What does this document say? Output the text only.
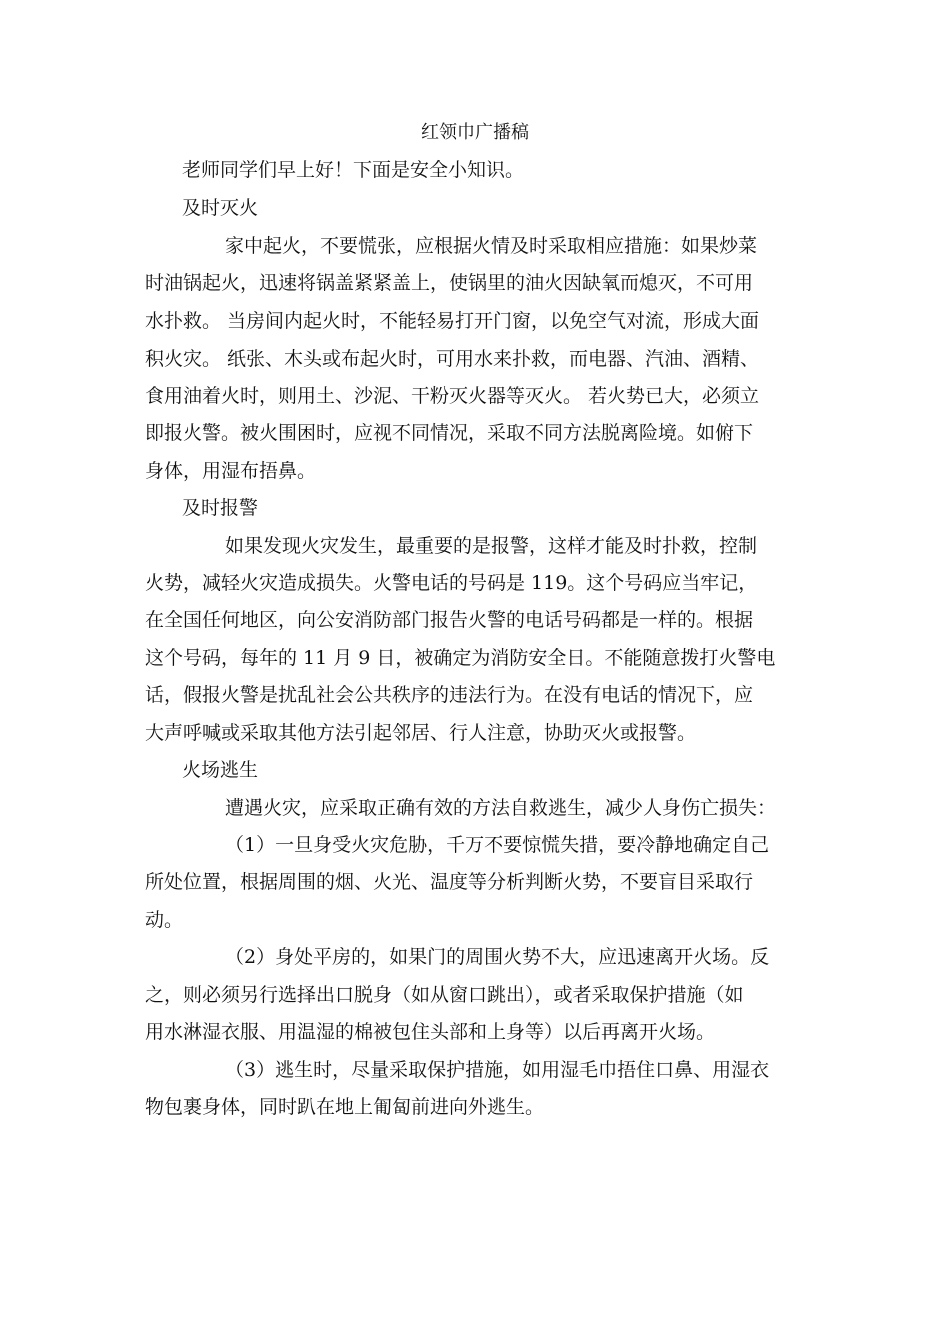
红领巾广播稿
老师同学们早上好！下面是安全小知识。
及时灭火
家中起火，不要慌张，应根据火情及时采取相应措施：如果炒菜
时油锅起火，迅速将锅盖紧紧盖上，使锅里的油火因缺氧而熄灭，不可用
水扑救。 当房间内起火时，不能轻易打开门窗，以免空气对流，形成大面
积火灾。 纸张、木头或布起火时，可用水来扑救，而电器、汽油、酒精、
食用油着火时，则用土、沙泥、干粉灭火器等灭火。 若火势已大，必须立
即报火警。被火围困时，应视不同情况，采取不同方法脱离险境。如俯下
身体，用湿布捂鼻。
及时报警
如果发现火灾发生，最重要的是报警，这样才能及时扑救，控制
火势，减轻火灾造成损失。火警电话的号码是 119。这个号码应当牢记，
在全国任何地区，向公安消防部门报告火警的电话号码都是一样的。根据
这个号码，每年的 11 月 9 日，被确定为消防安全日。不能随意拨打火警电
话，假报火警是扰乱社会公共秩序的违法行为。在没有电话的情况下，应
大声呼喊或采取其他方法引起邻居、行人注意，协助灭火或报警。
火场逃生
遭遇火灾，应采取正确有效的方法自救逃生，减少人身伤亡损失：
（1）一旦身受火灾危胁，千万不要惊慌失措，要冷静地确定自己
所处位置，根据周围的烟、火光、温度等分析判断火势，不要盲目采取行
动。
（2）身处平房的，如果门的周围火势不大，应迅速离开火场。反
之，则必须另行选择出口脱身（如从窗口跳出），或者采取保护措施（如
用水淋湿衣服、用温湿的棉被包住头部和上身等）以后再离开火场。
（3）逃生时，尽量采取保护措施，如用湿毛巾捂住口鼻、用湿衣
物包裹身体，同时趴在地上匍匐前进向外逃生。
